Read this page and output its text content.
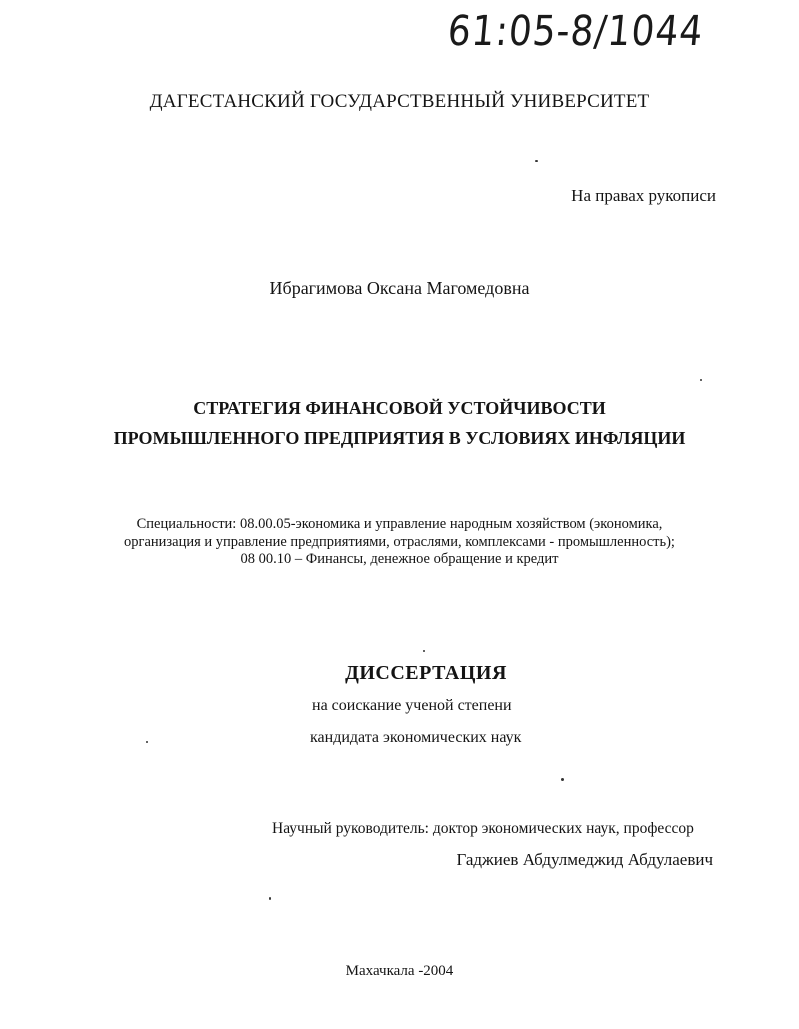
61:05-8/1044
ДАГЕСТАНСКИЙ ГОСУДАРСТВЕННЫЙ УНИВЕРСИТЕТ
На правах рукописи
Ибрагимова Оксана Магомедовна
СТРАТЕГИЯ ФИНАНСОВОЙ УСТОЙЧИВОСТИ
ПРОМЫШЛЕННОГО ПРЕДПРИЯТИЯ В УСЛОВИЯХ ИНФЛЯЦИИ
Специальности: 08.00.05-экономика и управление народным хозяйством (экономика,
организация и управление предприятиями, отраслями, комплексами - промышленность);
08 00.10 – Финансы, денежное обращение и кредит
ДИССЕРТАЦИЯ
на соискание ученой степени
кандидата экономических наук
Научный руководитель: доктор экономических наук, профессор
Гаджиев Абдулмеджид Абдулаевич
Махачкала -2004
